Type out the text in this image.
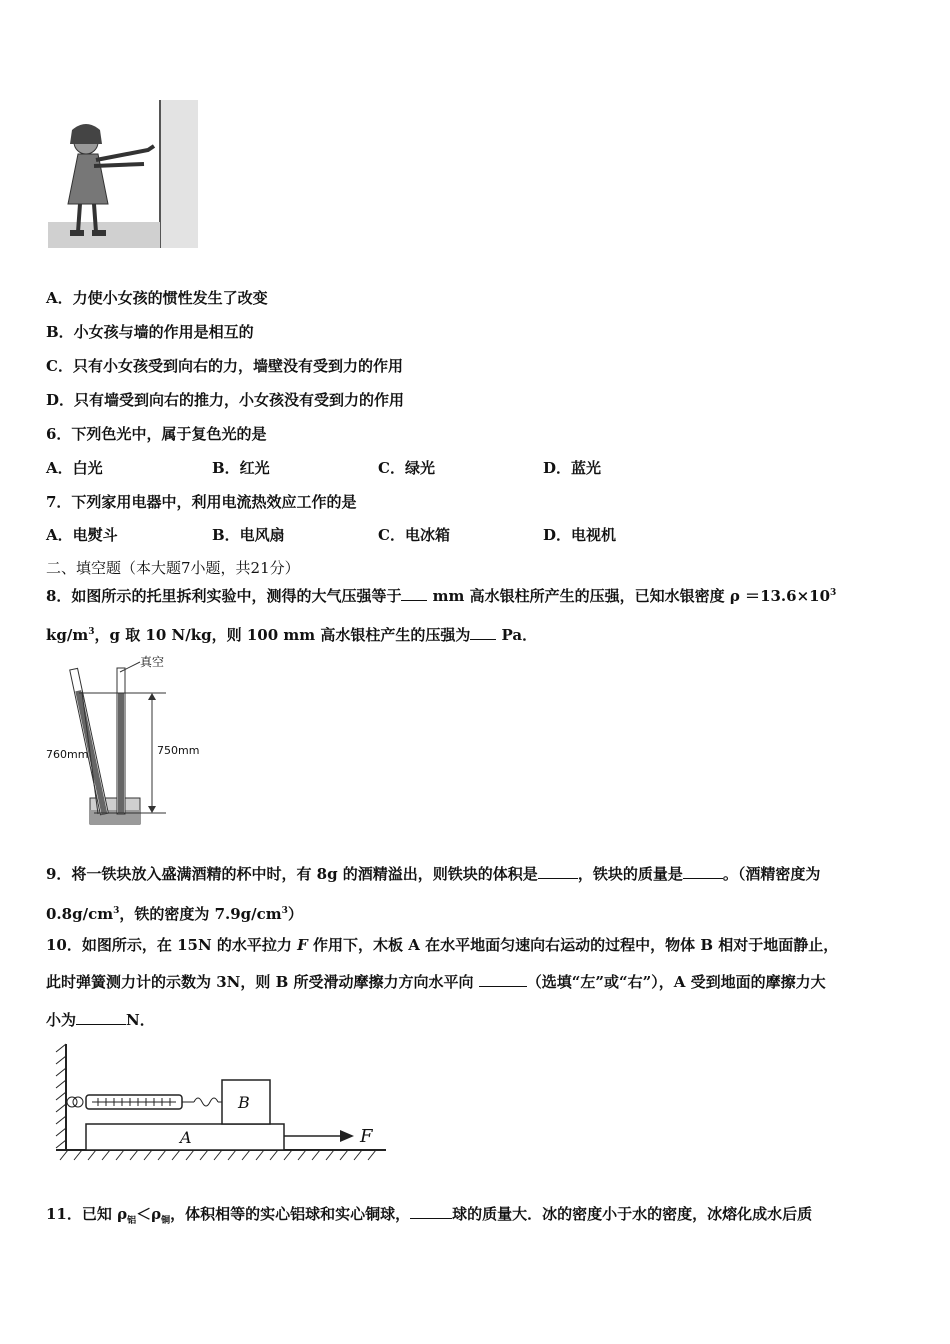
A．力使小女孩的惯性发生了改变
B．小女孩与墙的作用是相互的
C．只有小女孩受到向右的力，墙壁没有受到力的作用
D．只有墙受到向右的推力，小女孩没有受到力的作用
6．下列色光中，属于复色光的是
A．白光	B．红光	C．绿光	D．蓝光
7．下列家用电器中，利用电流热效应工作的是
A．电熨斗	B．电风扇	C．电冰箱	D．电视机
二、填空题（本大题7小题，共21分）
8．如图所示的托里拆利实验中，测得的大气压强等于 mm 高水银柱所产生的压强，已知水银密度 $\rho =13.6\times 10^3$
$kg/m^3$，g 取 10 N/kg，则 100 mm 高水银柱产生的压强为 Pa．
真空
760mm	750mm
9．将一铁块放入盛满酒精的杯中时，有 8g 的酒精溢出，则铁块的体积是	，铁块的质量是	。（酒精密度为
$0.8g/cm^3$，铁的密度为 $7.9g/cm^3$）
10．如图所示，在 15N 的水平拉力 F 作用下，木板 A 在水平地面匀速向右运动的过程中，物体 B 相对于地面静止，
此时弹簧测力计的示数为 3N，则 B 所受滑动摩擦力方向水平向	（选填“左”或“右”），A 受到地面的摩擦力大
小为	N．
A
B
F
11．已知 $\rho_铝<\rho_铜$，体积相等的实心铝球和实心铜球，	球的质量大．冰的密度小于水的密度，冰熔化成水后质
